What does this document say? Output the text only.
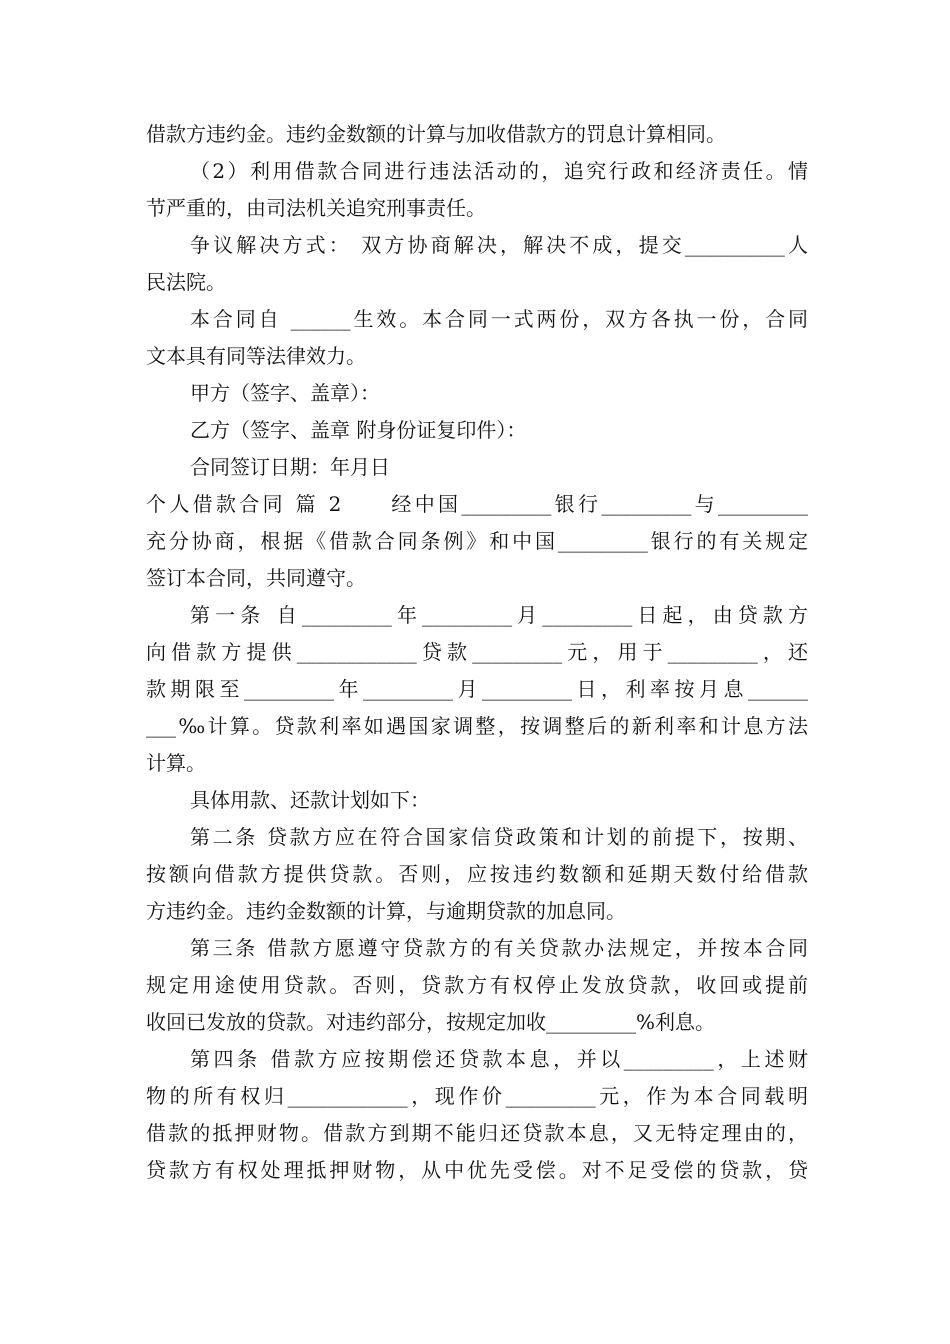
借款方违约金。违约金数额的计算与加收借款方的罚息计算相同。
（2）利用借款合同进行违法活动的，追究行政和经济责任。情
节严重的，由司法机关追究刑事责任。
争议解决方式： 双方协商解决，解决不成，提交__________人
民法院。
本合同自 ______生效。本合同一式两份，双方各执一份，合同
文本具有同等法律效力。
甲方（签字、盖章）：
乙方（签字、盖章 附身份证复印件）：
合同签订日期：年月日
个人借款合同 篇 2　　经中国_________银行_________与_________
充分协商，根据《借款合同条例》和中国_________银行的有关规定
签订本合同，共同遵守。
第一条 自_________年_________月_________日起，由贷款方
向借款方提供____________贷款_________元，用于_________，还
款期限至_________年_________月_________日，利率按月息______
___‰计算。贷款利率如遇国家调整，按调整后的新利率和计息方法
计算。
具体用款、还款计划如下：
第二条 贷款方应在符合国家信贷政策和计划的前提下，按期、
按额向借款方提供贷款。否则，应按违约数额和延期天数付给借款
方违约金。违约金数额的计算，与逾期贷款的加息同。
第三条 借款方愿遵守贷款方的有关贷款办法规定，并按本合同
规定用途使用贷款。否则，贷款方有权停止发放贷款，收回或提前
收回已发放的贷款。对违约部分，按规定加收_________%利息。
第四条 借款方应按期偿还贷款本息，并以_________，上述财
物的所有权归____________，现作价_________元，作为本合同载明
借款的抵押财物。借款方到期不能归还贷款本息，又无特定理由的，
贷款方有权处理抵押财物，从中优先受偿。对不足受偿的贷款，贷
